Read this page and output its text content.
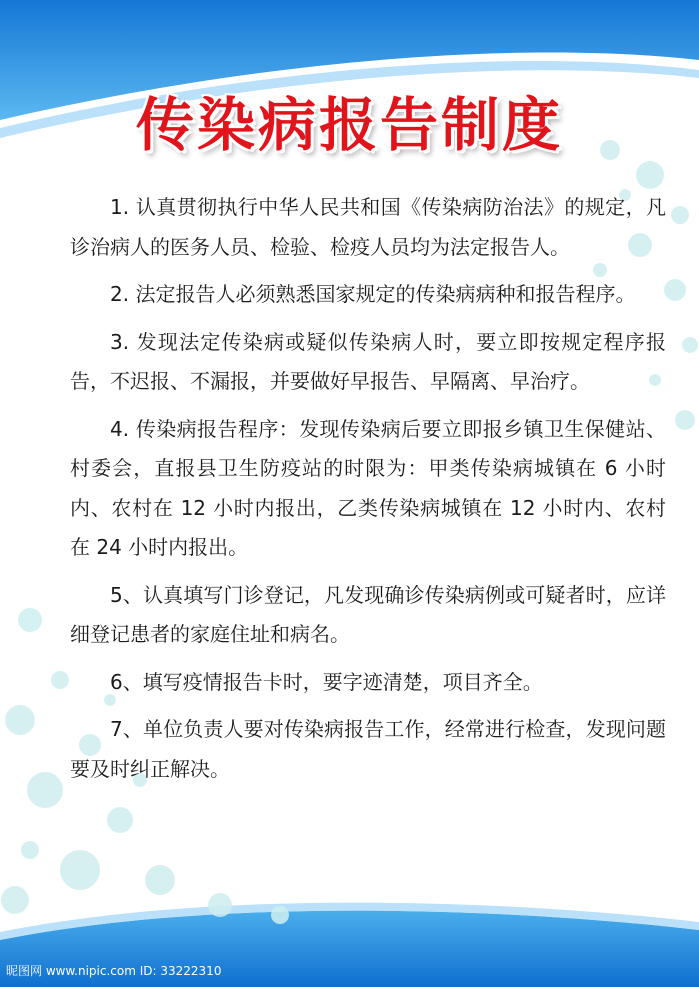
传染病报告制度

1. 认真贯彻执行中华人民共和国《传染病防治法》的规定，凡诊治病人的医务人员、检验、检疫人员均为法定报告人。

2. 法定报告人必须熟悉国家规定的传染病病种和报告程序。

3. 发现法定传染病或疑似传染病人时，要立即按规定程序报告，不迟报、不漏报，并要做好早报告、早隔离、早治疗。

4. 传染病报告程序：发现传染病后要立即报乡镇卫生保健站、村委会，直报县卫生防疫站的时限为：甲类传染病城镇在 6 小时内、农村在 12 小时内报出，乙类传染病城镇在 12 小时内、农村在 24 小时内报出。

5、认真填写门诊登记，凡发现确诊传染病例或可疑者时，应详细登记患者的家庭住址和病名。

6、填写疫情报告卡时，要字迹清楚，项目齐全。

7、单位负责人要对传染病报告工作，经常进行检查，发现问题要及时纠正解决。

昵图网 www.nipic.com ID: 33222310
